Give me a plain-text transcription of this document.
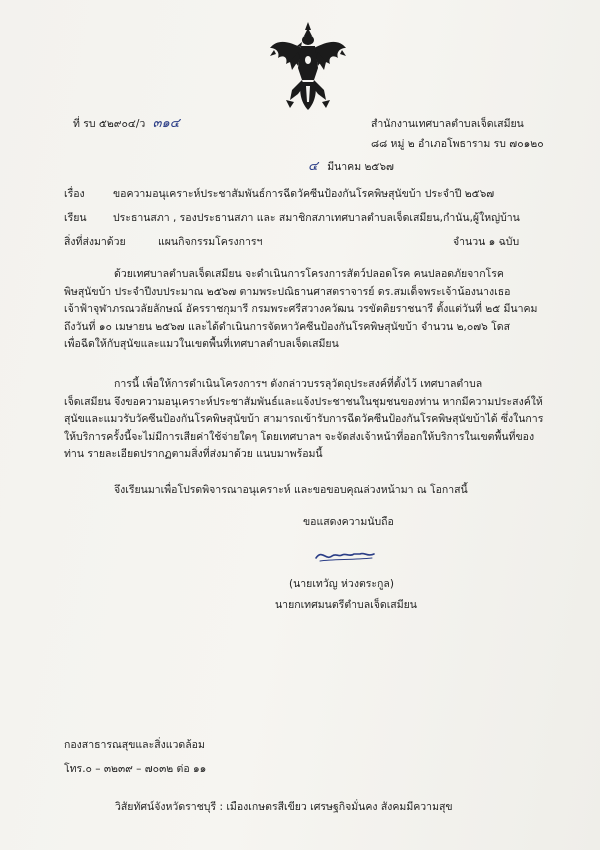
ที่ รบ ๕๒๙๐๔/ว ๓๑๔	สำนักงานเทศบาลตำบลเจ็ดเสมียน
๘๘ หมู่ ๒ อำเภอโพธาราม รบ ๗๐๑๒๐
๔ มีนาคม ๒๕๖๗
เรื่อง	ขอความอนุเคราะห์ประชาสัมพันธ์การฉีดวัคซีนป้องกันโรคพิษสุนัขบ้า ประจำปี ๒๕๖๗
เรียน	ประธานสภา , รองประธานสภา และ สมาชิกสภาเทศบาลตำบลเจ็ดเสมียน,กำนัน,ผู้ใหญ่บ้าน
สิ่งที่ส่งมาด้วย	แผนกิจกรรมโครงการฯ	จำนวน ๑ ฉบับ
ด้วยเทศบาลตำบลเจ็ดเสมียน จะดำเนินการโครงการสัตว์ปลอดโรค คนปลอดภัยจากโรค
พิษสุนัขบ้า ประจำปีงบประมาณ ๒๕๖๗ ตามพระปณิธานศาสตราจารย์ ดร.สมเด็จพระเจ้าน้องนางเธอ
เจ้าฟ้าจุฬาภรณวลัยลักษณ์ อัครราชกุมารี กรมพระศรีสวางควัฒน วรขัตติยราชนารี ตั้งแต่วันที่ ๒๕ มีนาคม
ถึงวันที่ ๑๐ เมษายน ๒๕๖๗ และได้ดำเนินการจัดหาวัคซีนป้องกันโรคพิษสุนัขบ้า จำนวน ๒,๐๗๖ โดส
เพื่อฉีดให้กับสุนัขและแมวในเขตพื้นที่เทศบาลตำบลเจ็ดเสมียน
การนี้ เพื่อให้การดำเนินโครงการฯ ดังกล่าวบรรลุวัตถุประสงค์ที่ตั้งไว้ เทศบาลตำบล
เจ็ดเสมียน จึงขอความอนุเคราะห์ประชาสัมพันธ์และแจ้งประชาชนในชุมชนของท่าน หากมีความประสงค์ให้
สุนัขและแมวรับวัคซีนป้องกันโรคพิษสุนัขบ้า สามารถเข้ารับการฉีดวัคซีนป้องกันโรคพิษสุนัขบ้าได้ ซึ่งในการ
ให้บริการครั้งนี้จะไม่มีการเสียค่าใช้จ่ายใดๆ โดยเทศบาลฯ จะจัดส่งเจ้าหน้าที่ออกให้บริการในเขตพื้นที่ของ
ท่าน รายละเอียดปรากฏตามสิ่งที่ส่งมาด้วย แนบมาพร้อมนี้
จึงเรียนมาเพื่อโปรดพิจารณาอนุเคราะห์ และขอขอบคุณล่วงหน้ามา ณ โอกาสนี้
ขอแสดงความนับถือ
(นายเทวัญ ห่วงตระกูล)
นายกเทศมนตรีตำบลเจ็ดเสมียน
กองสาธารณสุขและสิ่งแวดล้อม
โทร.๐ – ๓๒๓๙ – ๗๐๓๒ ต่อ ๑๑
วิสัยทัศน์จังหวัดราชบุรี : เมืองเกษตรสีเขียว เศรษฐกิจมั่นคง สังคมมีความสุข
